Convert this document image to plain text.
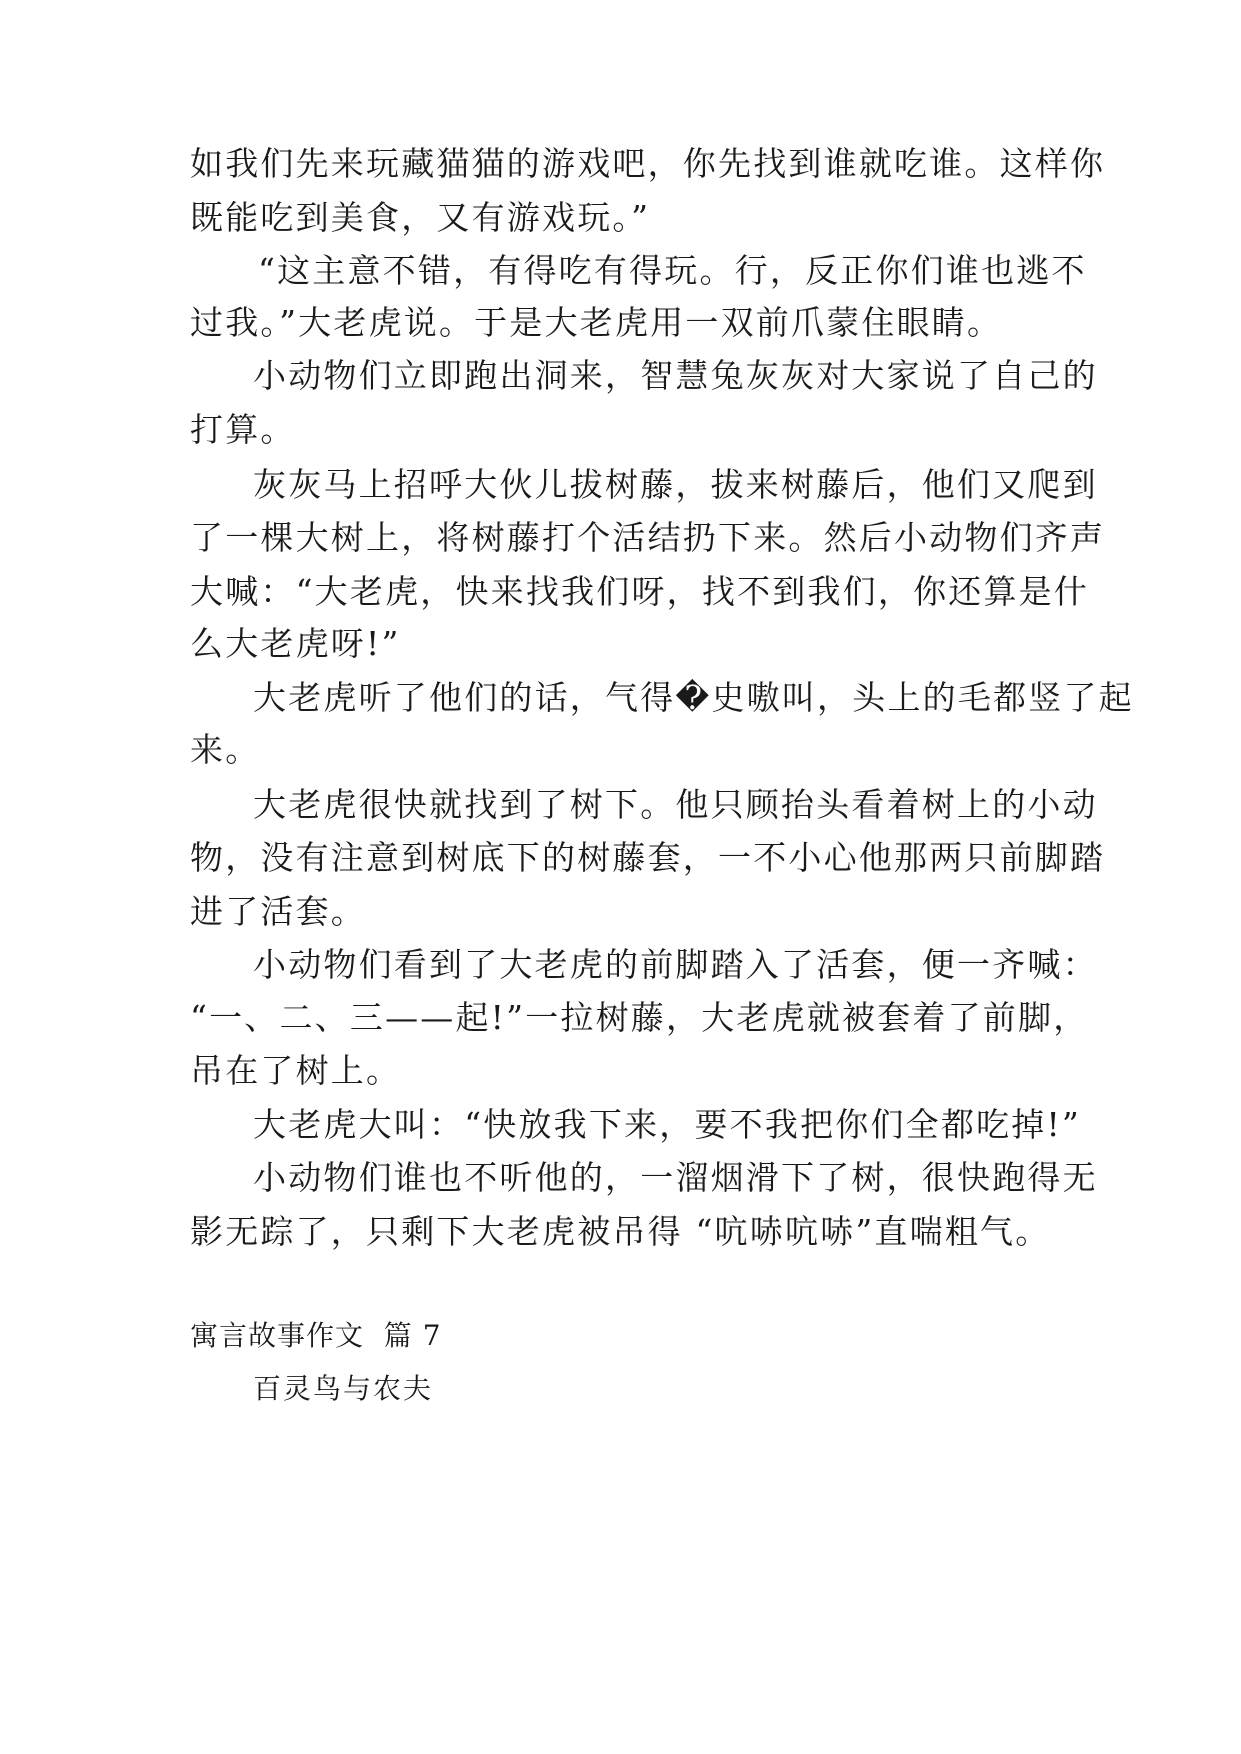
如我们先来玩藏猫猫的游戏吧，你先找到谁就吃谁。这样你
既能吃到美食，又有游戏玩。”
“这主意不错，有得吃有得玩。行，反正你们谁也逃不
过我。”大老虎说。于是大老虎用一双前爪蒙住眼睛。
小动物们立即跑出洞来，智慧兔灰灰对大家说了自己的
打算。
灰灰马上招呼大伙儿拔树藤，拔来树藤后，他们又爬到
了一棵大树上，将树藤打个活结扔下来。然后小动物们齐声
大喊：“大老虎，快来找我们呀，找不到我们，你还算是什
么大老虎呀!”
大老虎听了他们的话，气得�史嗷叫，头上的毛都竖了起
来。
大老虎很快就找到了树下。他只顾抬头看着树上的小动
物，没有注意到树底下的树藤套，一不小心他那两只前脚踏
进了活套。
小动物们看到了大老虎的前脚踏入了活套，便一齐喊：
“一、二、三——起!”一拉树藤，大老虎就被套着了前脚，
吊在了树上。
大老虎大叫：“快放我下来，要不我把你们全都吃掉!”
小动物们谁也不听他的，一溜烟滑下了树，很快跑得无
影无踪了，只剩下大老虎被吊得 “吭哧吭哧”直喘粗气。
寓言故事作文  篇 7
百灵鸟与农夫
